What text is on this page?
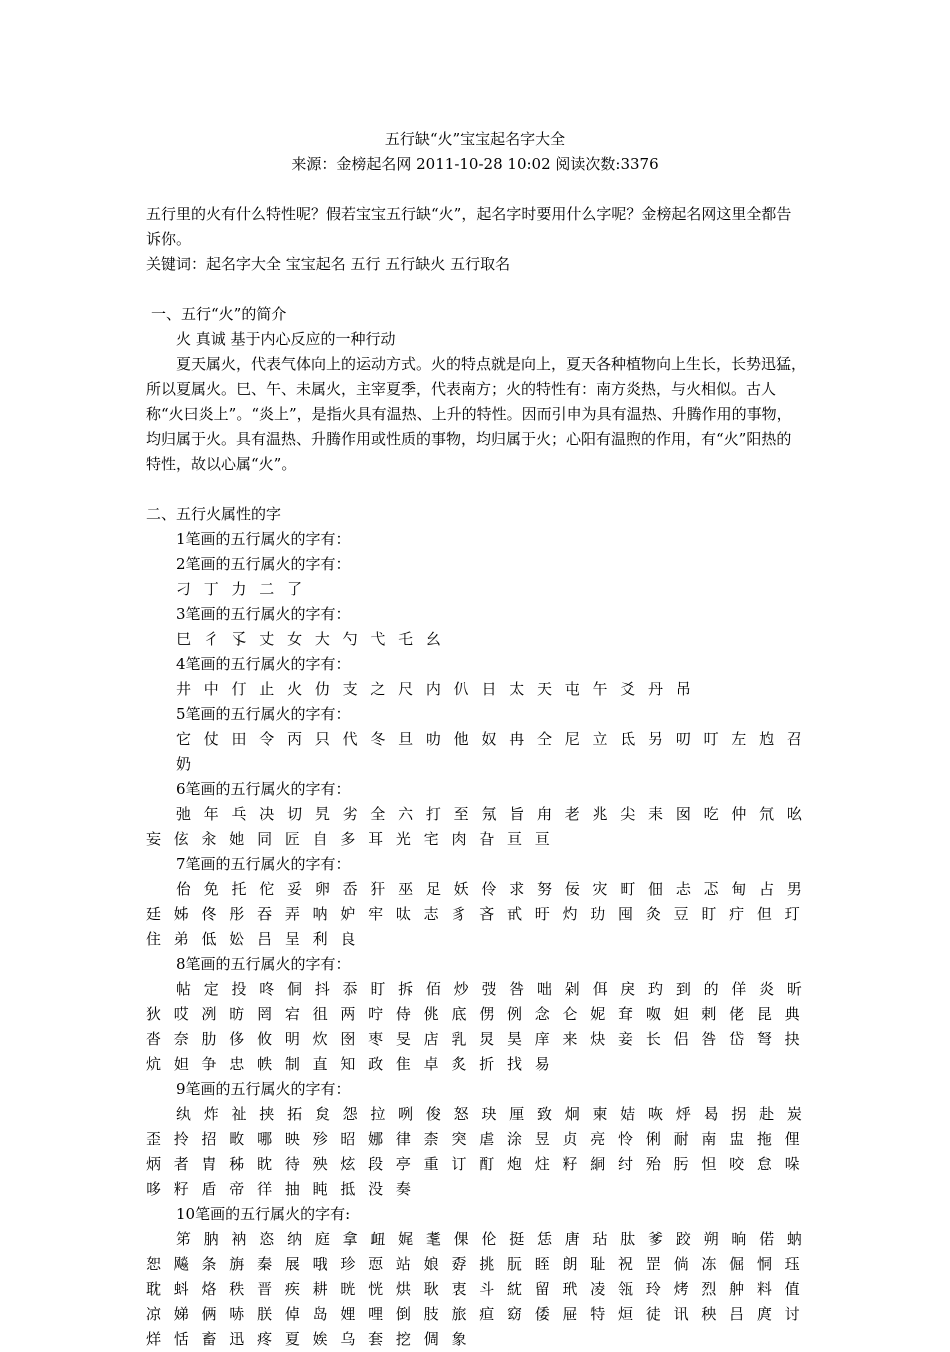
五行缺“火”宝宝起名字大全
来源：金榜起名网 2011-10-28 10:02 阅读次数:3376

五行里的火有什么特性呢？假若宝宝五行缺“火”，起名字时要用什么字呢？金榜起名网这里全都告诉你。

关键词：起名字大全 宝宝起名 五行 五行缺火 五行取名

一、五行“火”的简介

火 真诚 基于内心反应的一种行动

夏天属火，代表气体向上的运动方式。火的特点就是向上，夏天各种植物向上生长，长势迅猛，所以夏属火。巳、午、未属火，主宰夏季，代表南方；火的特性有：南方炎热，与火相似。古人称“火曰炎上”。“炎上”，是指火具有温热、上升的特性。因而引申为具有温热、升腾作用的事物，均归属于火。具有温热、升腾作用或性质的事物，均归属于火；心阳有温煦的作用，有“火”阳热的特性，故以心属“火”。

二、五行火属性的字

1笔画的五行属火的字有：

2笔画的五行属火的字有：

刁 丁 力 二 了

3笔画的五行属火的字有：

巳 彳 孓 丈 女 大 勺 弋 乇 幺

4笔画的五行属火的字有：

井 中 仃 止 火 仂 支 之 尺 内 仈 日 太 天 屯 午 爻 丹 吊

5笔画的五行属火的字有：

它 仗 田 令 丙 只 代 冬 旦 叻 他 奴 冉 仝 尼 立 氐 另 叨 叮 左 尥 召 奶

6笔画的五行属火的字有：

弛 年 乓 决 切 旯 劣 全 六 打 至 氖 旨 甪 老 兆 尖 耒 囡 吃 仲 氘 吆 妄 伭 汆 她 同 匠 自 多 耳 光 宅 肉 旮 亘 亘

7笔画的五行属火的字有：

佁 免 托 佗 妥 卵 岙 犴 巫 足 妖 伶 求 努 佞 灾 町 佃 忐 忑 甸 占 男 廷 姊 佟 彤 吞 弄 呐 妒 牢 呔 志 豸 吝 甙 旴 灼 玏 囤 灸 豆 盯 疔 但 玎 住 弟 低 妐 吕 呈 利 良

8笔画的五行属火的字有：

帖 定 投 咚 侗 抖 忝 盯 拆 佰 炒 弢 咎 咄 剁 佴 戾 玓 到 的 佯 炎 昕 狄 哎 冽 昉 罔 宕 徂 两 咛 侍 佻 底 侽 例 念 仑 妮 耷 呶 妲 剌 佬 昆 典 沓 奈 肋 侈 攸 明 炊 囹 枣 旻 店 乳 炅 昊 庠 来 炔 妾 长 侣 咎 岱 弩 抉 炕 妲 争 忠 帙 制 直 知 政 隹 卓 炙 折 找 易

9笔画的五行属火的字有：

纨 炸 祉 挟 拓 炱 怨 拉 咧 俊 怒 玦 厘 致 炯 柬 姞 咴 烀 曷 拐 赴 炭 歪 拎 招 畋 哪 映 殄 昭 娜 律 柰 突 虐 涂 昱 贞 亮 怜 俐 耐 南 盅 拖 俚 炳 者 胄 秭 眈 待 殃 炫 段 亭 重 订 酊 炮 炷 籽 絧 纣 殆 肟 怛 咬 怠 哚 哆 籽 盾 帝 徉 抽 盹 抵 没 奏

10笔画的五行属火的字有:

笫 肭 衲 恣 纳 庭 拿 衄 娓 耄 倮 伦 挺 恁 唐 玷 肽 爹 跤 朔 晌 偌 蚋 恕 飚 条 旃 秦 展 哦 珍 恧 站 娘 孬 挑 朊 眰 朗 耻 祝 罡 倘 冻 倔 恫 珏 耽 蚪 烙 秩 晋 疾 耕 晄 恍 烘 耿 衷 斗 紞 留 玳 凌 瓴 玲 烤 烈 舯 料 值 凉 娣 俩 哧 朕 倬 岛 娌 哩 倒 肢 旅 疸 窈 倭 屉 特 烜 徒 讯 秧 吕 庹 讨 烊 恬 畜 迅 疼 夏 娭 乌 套 挖 倜 象
